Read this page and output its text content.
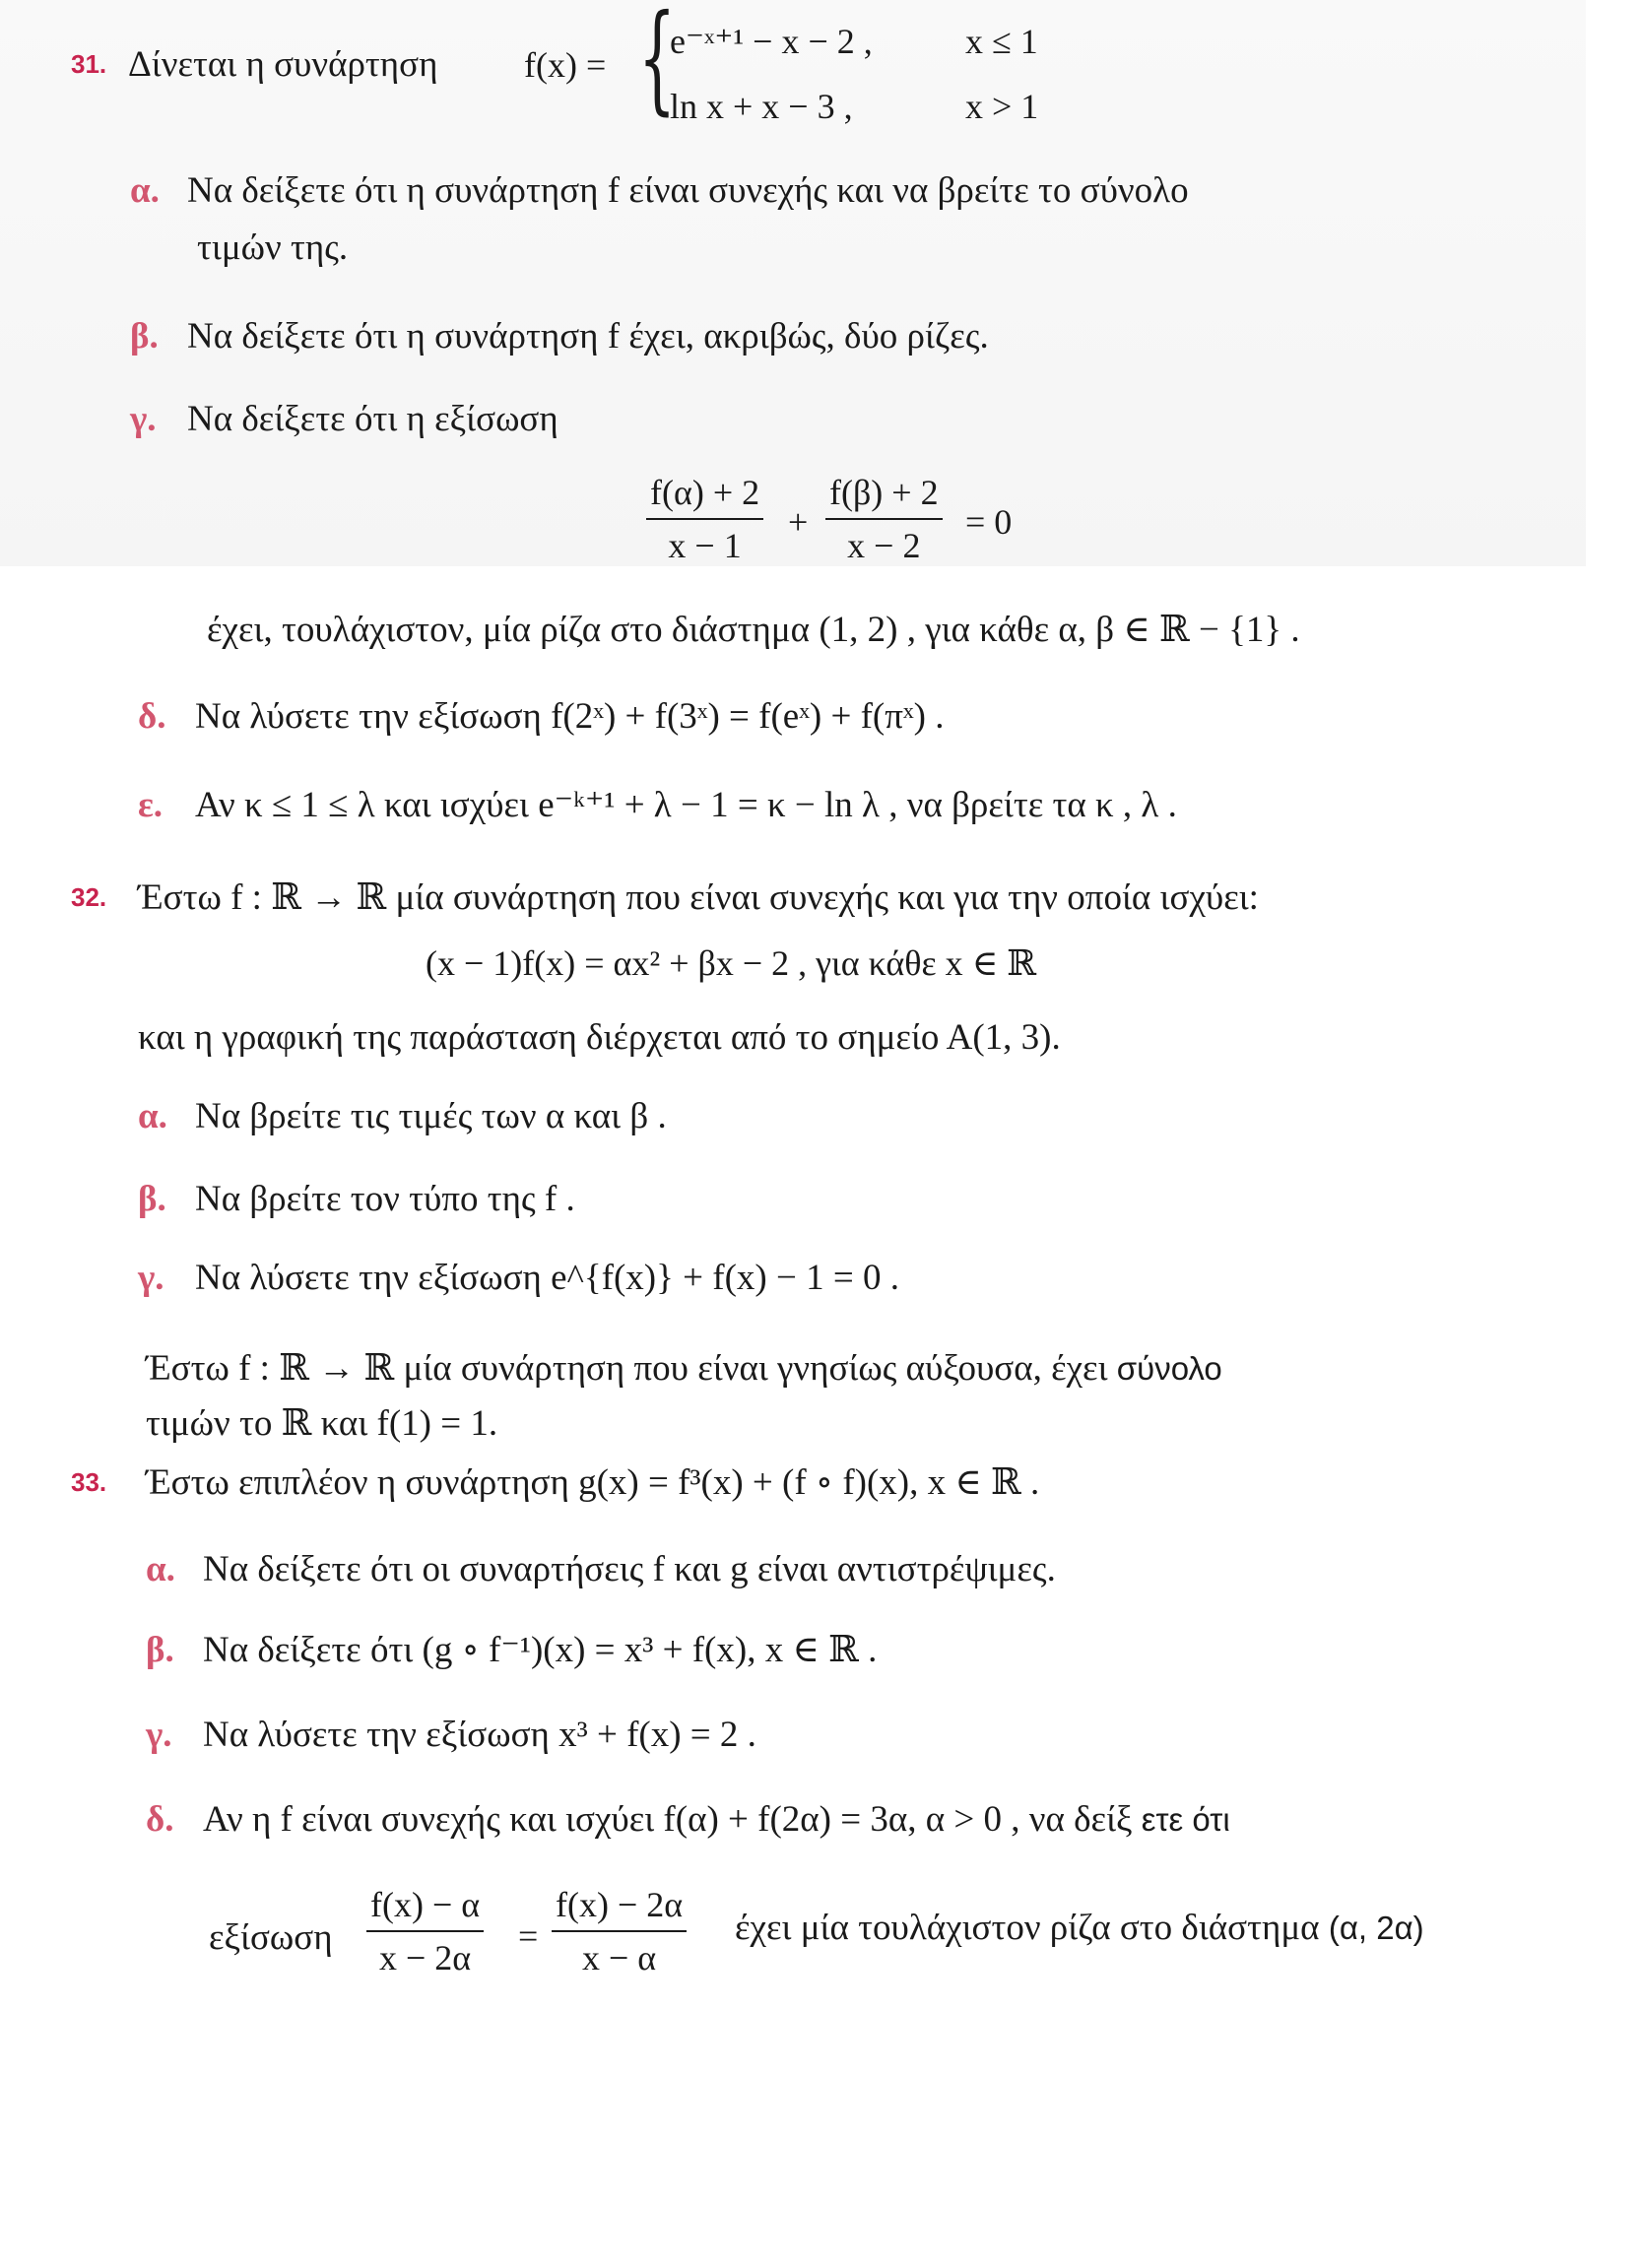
31. Δίνεται η συνάρτηση f(x) = {
e⁻ˣ⁺¹ − x − 2 ,	x ≤ 1
ln x + x − 3 ,	x > 1
α. Να δείξετε ότι η συνάρτηση f είναι συνεχής και να βρείτε το σύνολο
τιμών της.
β. Να δείξετε ότι η συνάρτηση f έχει, ακριβώς, δύο ρίζες.
γ. Να δείξετε ότι η εξίσωση
$\frac{f(\alpha) + 2}{x - 1} + \frac{f(\beta) + 2}{x - 2} = 0$
έχει, τουλάχιστον, μία ρίζα στο διάστημα (1, 2) , για κάθε α, β ∈ ℝ − {1} .
δ. Να λύσετε την εξίσωση f(2ˣ) + f(3ˣ) = f(eˣ) + f(πˣ) .
ε. Αν κ ≤ 1 ≤ λ και ισχύει e⁻ᵏ⁺¹ + λ − 1 = κ − ln λ , να βρείτε τα κ , λ .
32. Έστω f : ℝ → ℝ μία συνάρτηση που είναι συνεχής και για την οποία ισχύει:
(x − 1)f(x) = αx² + βx − 2 , για κάθε x ∈ ℝ
και η γραφική της παράσταση διέρχεται από το σημείο Α(1, 3).
α. Να βρείτε τις τιμές των α και β .
β. Να βρείτε τον τύπο της f .
γ. Να λύσετε την εξίσωση e^{f(x)} + f(x) − 1 = 0 .
Έστω f : ℝ → ℝ μία συνάρτηση που είναι γνησίως αύξουσα, έχει σύνολο
τιμών το ℝ και f(1) = 1.
33. Έστω επιπλέον η συνάρτηση g(x) = f³(x) + (f ∘ f)(x), x ∈ ℝ .
α. Να δείξετε ότι οι συναρτήσεις f και g είναι αντιστρέψιμες.
β. Να δείξετε ότι (g ∘ f⁻¹)(x) = x³ + f(x), x ∈ ℝ .
γ. Να λύσετε την εξίσωση x³ + f(x) = 2 .
δ. Αν η f είναι συνεχής και ισχύει f(α) + f(2α) = 3α, α > 0 , να δείξ ετε ότι
εξίσωση $\frac{f(x) - \alpha}{x - 2\alpha} = \frac{f(x) - 2\alpha}{x - \alpha}$ έχει μία τουλάχιστον ρίζα στο διάστημα (α, 2α)
